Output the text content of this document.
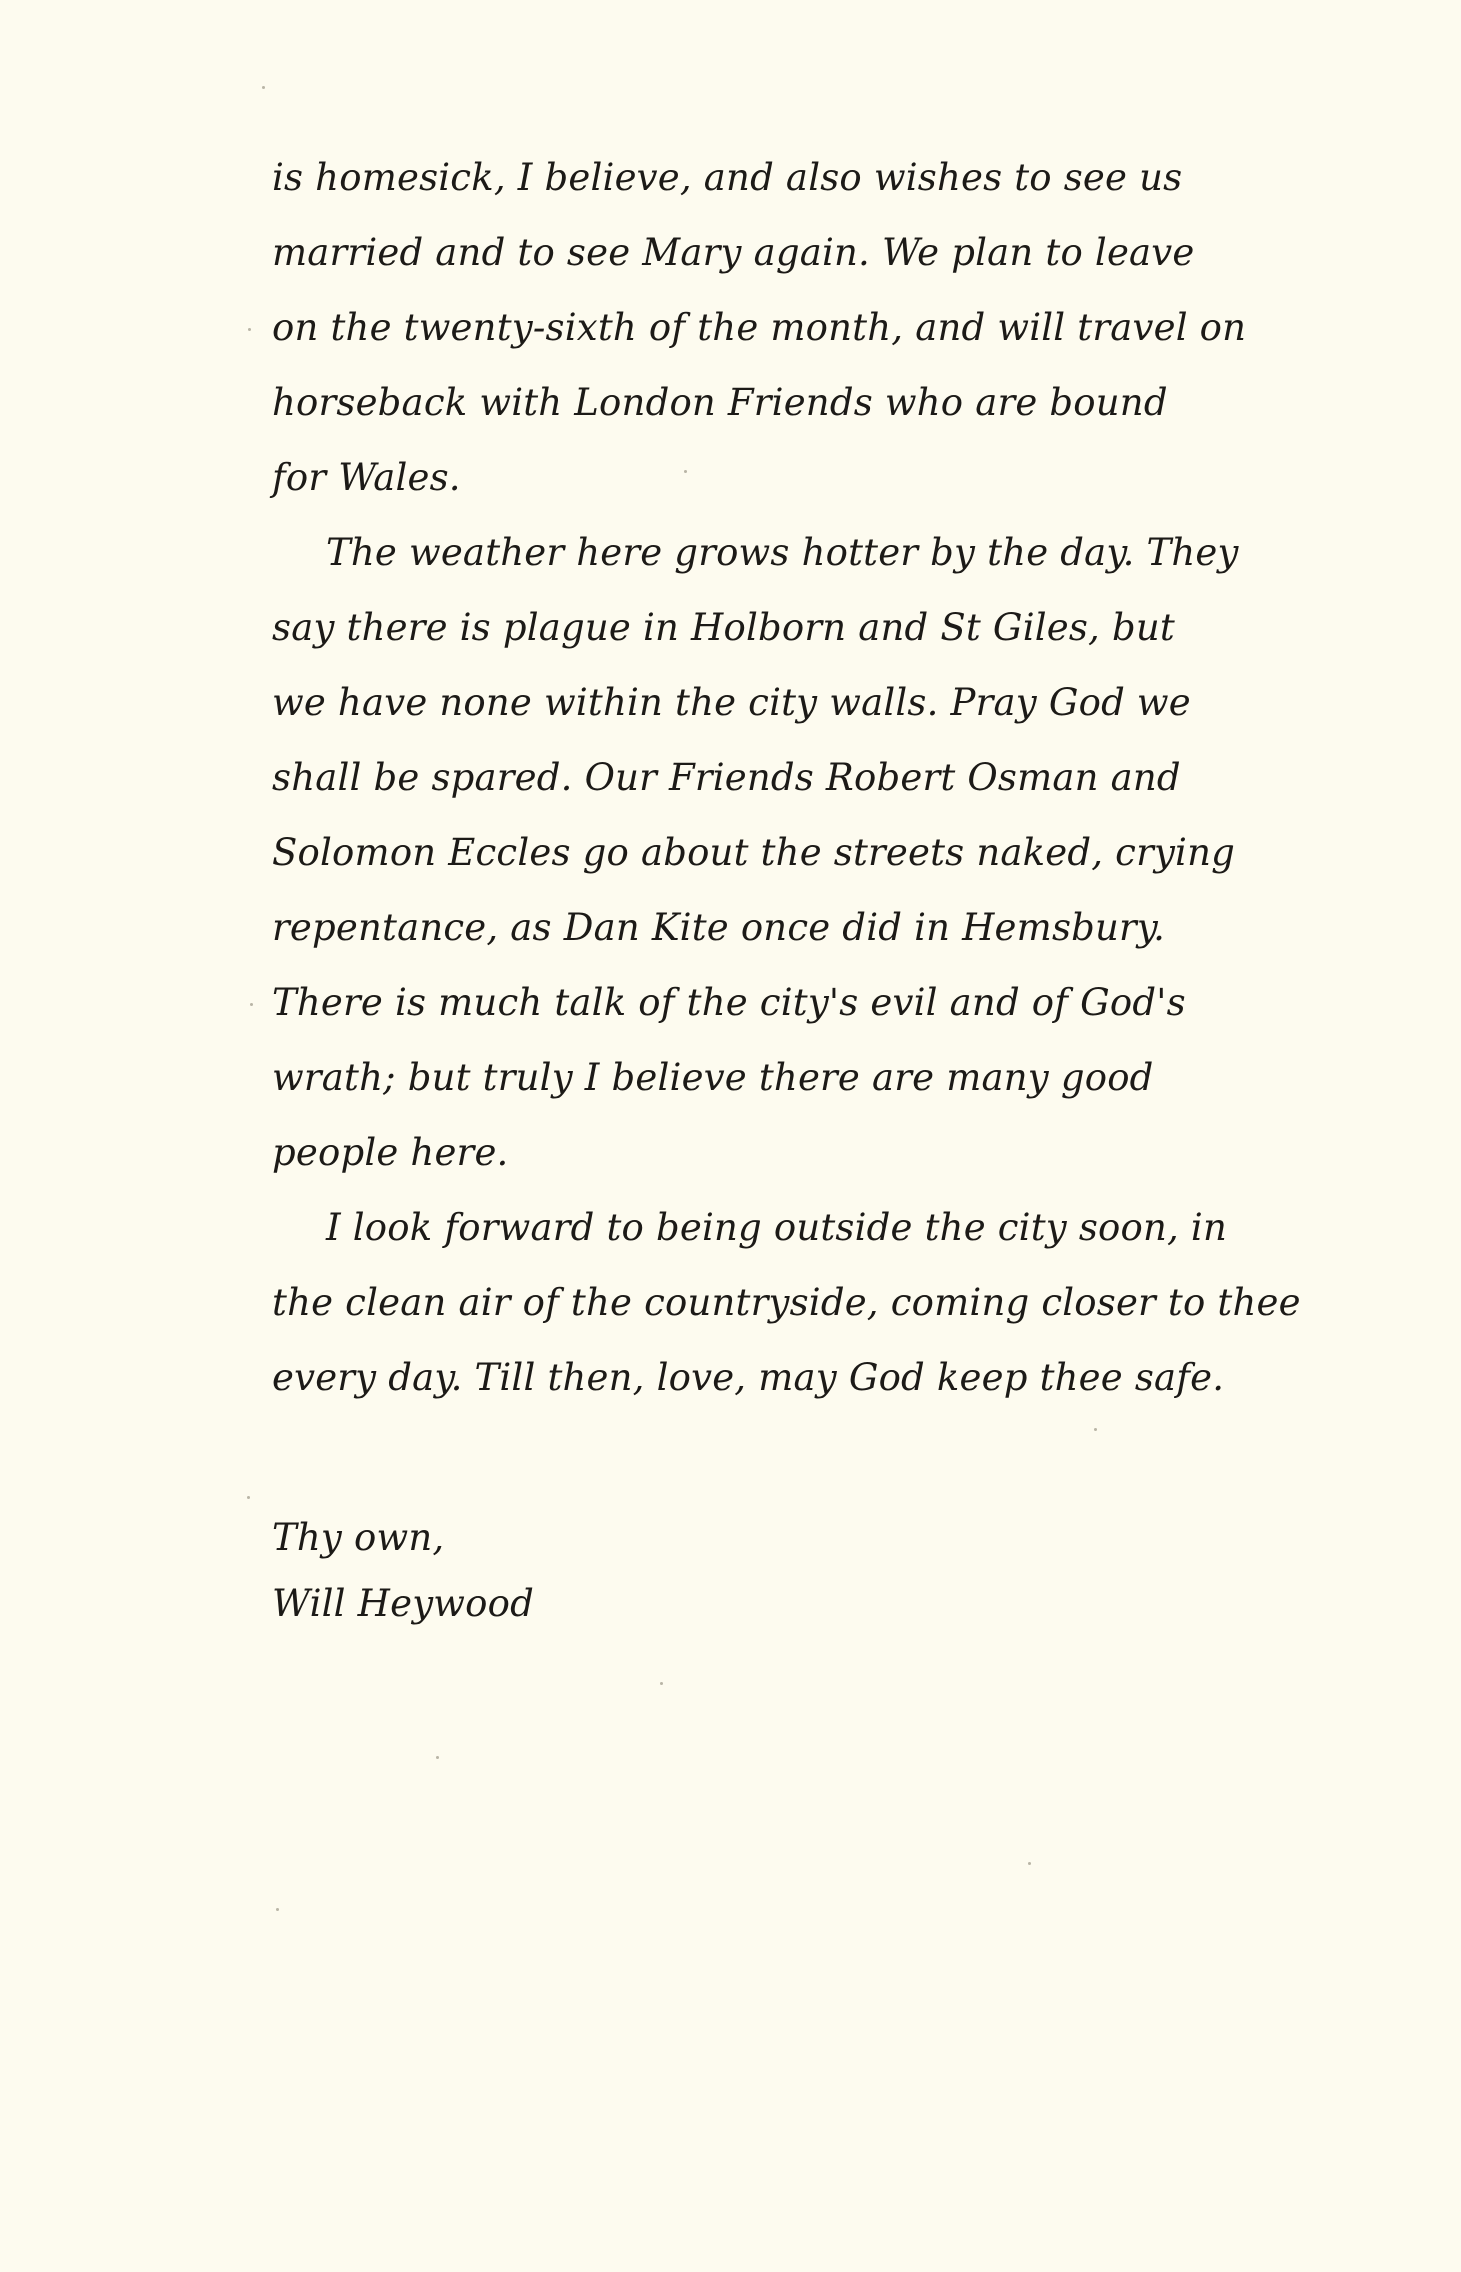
is homesick, I believe, and also wishes to see us
married and to see Mary again. We plan to leave
on the twenty-sixth of the month, and will travel on
horseback with London Friends who are bound
for Wales.

The weather here grows hotter by the day. They
say there is plague in Holborn and St Giles, but
we have none within the city walls. Pray God we
shall be spared. Our Friends Robert Osman and
Solomon Eccles go about the streets naked, crying
repentance, as Dan Kite once did in Hemsbury.
There is much talk of the city's evil and of God's
wrath; but truly I believe there are many good
people here.

I look forward to being outside the city soon, in
the clean air of the countryside, coming closer to thee
every day. Till then, love, may God keep thee safe.

Thy own,
Will Heywood
